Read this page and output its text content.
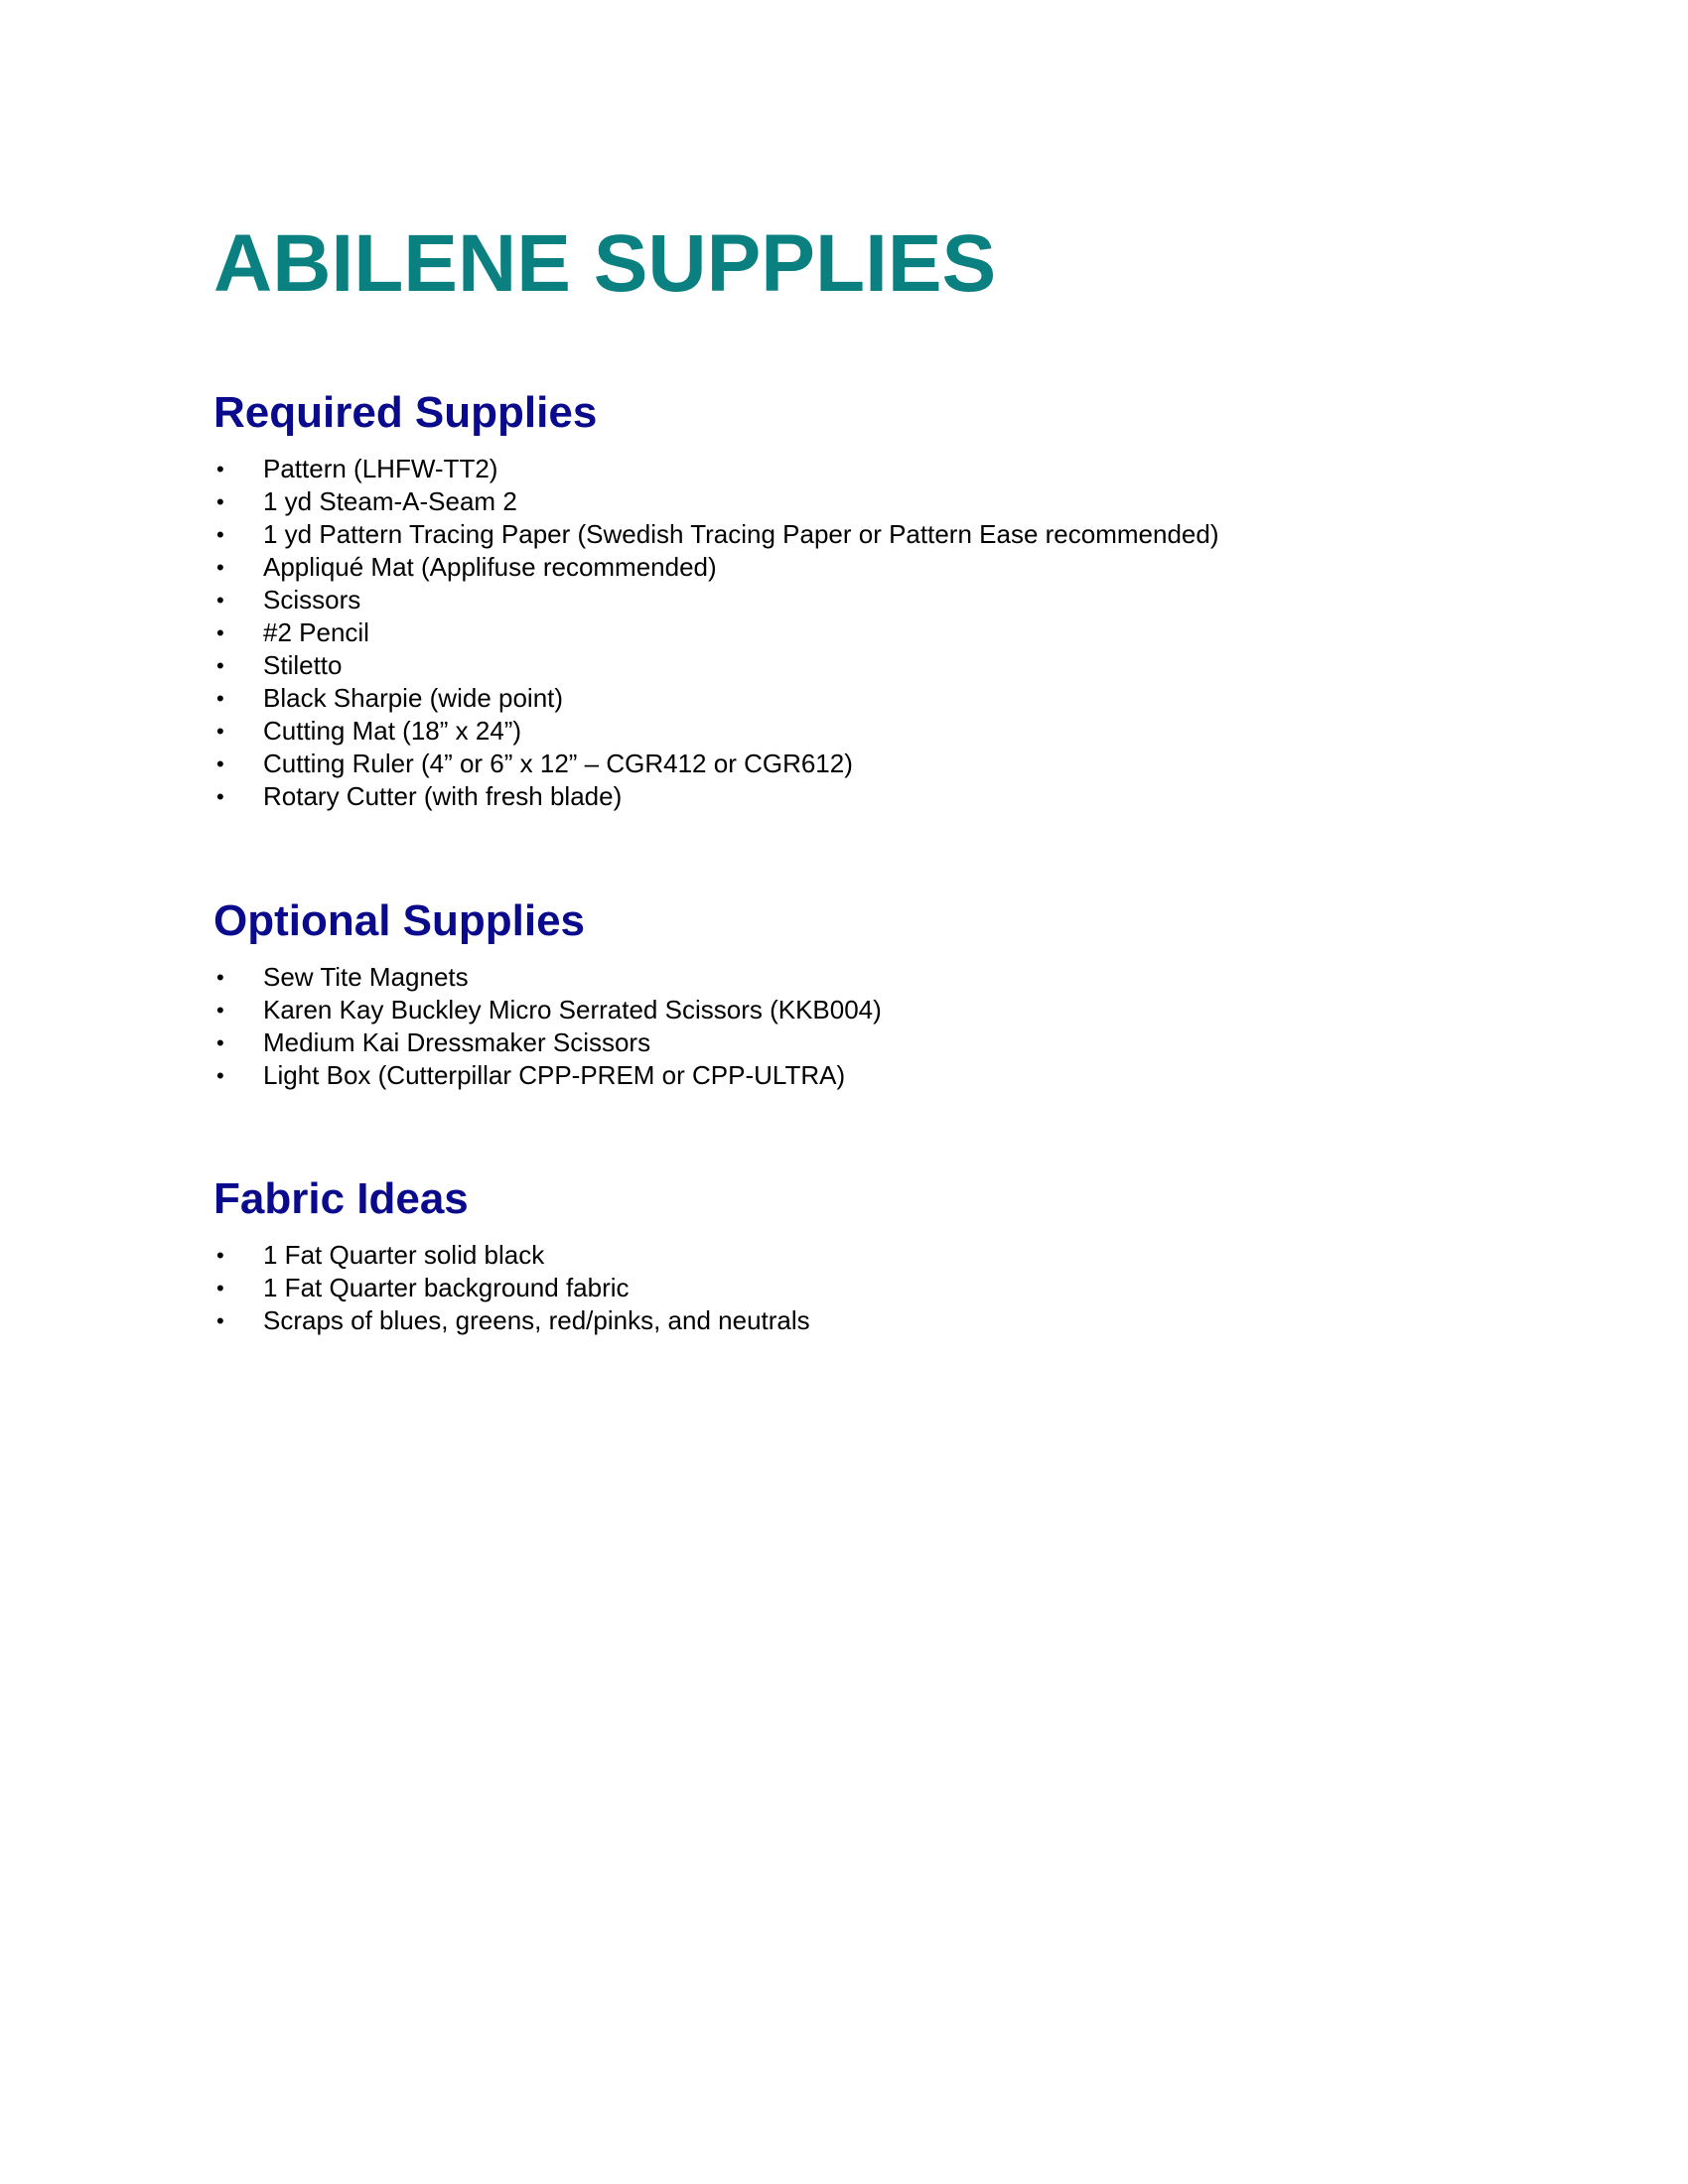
ABILENE SUPPLIES
Required Supplies
•	Pattern (LHFW-TT2)
•	1 yd Steam-A-Seam 2
•	1 yd Pattern Tracing Paper (Swedish Tracing Paper or Pattern Ease recommended)
•	Appliqué Mat (Applifuse recommended)
•	Scissors
•	#2 Pencil
•	Stiletto
•	Black Sharpie (wide point)
•	Cutting Mat (18” x 24”)
•	Cutting Ruler (4” or 6” x 12” – CGR412 or CGR612)
•	Rotary Cutter (with fresh blade)
Optional Supplies
•	Sew Tite Magnets
•	Karen Kay Buckley Micro Serrated Scissors (KKB004)
•	Medium Kai Dressmaker Scissors
•	Light Box (Cutterpillar CPP-PREM or CPP-ULTRA)
Fabric Ideas
•	1 Fat Quarter solid black
•	1 Fat Quarter background fabric
•	Scraps of blues, greens, red/pinks, and neutrals
